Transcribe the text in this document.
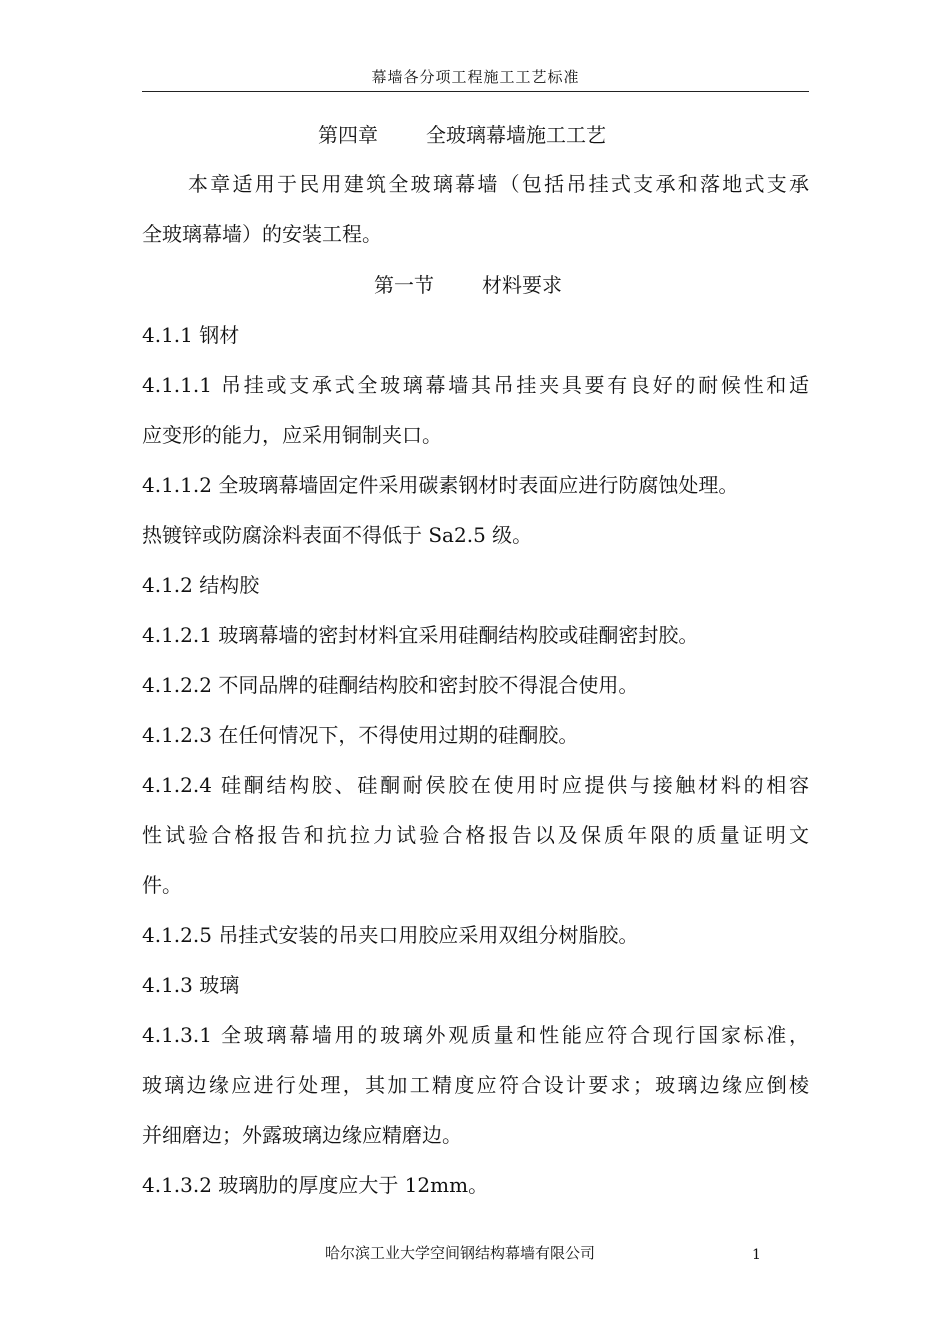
幕墙各分项工程施工工艺标准
第四章 全玻璃幕墙施工工艺
本章适用于民用建筑全玻璃幕墙（包括吊挂式支承和落地式支承
全玻璃幕墙）的安装工程。
第一节 材料要求
4.1.1 钢材
4.1.1.1 吊挂或支承式全玻璃幕墙其吊挂夹具要有良好的耐候性和适
应变形的能力，应采用铜制夹口。
4.1.1.2 全玻璃幕墙固定件采用碳素钢材时表面应进行防腐蚀处理。
热镀锌或防腐涂料表面不得低于 Sa2.5 级。
4.1.2 结构胶
4.1.2.1 玻璃幕墙的密封材料宜采用硅酮结构胶或硅酮密封胶。
4.1.2.2 不同品牌的硅酮结构胶和密封胶不得混合使用。
4.1.2.3 在任何情况下，不得使用过期的硅酮胶。
4.1.2.4 硅酮结构胶、硅酮耐侯胶在使用时应提供与接触材料的相容
性试验合格报告和抗拉力试验合格报告以及保质年限的质量证明文
件。
4.1.2.5 吊挂式安装的吊夹口用胶应采用双组分树脂胶。
4.1.3 玻璃
4.1.3.1 全玻璃幕墙用的玻璃外观质量和性能应符合现行国家标准，
玻璃边缘应进行处理，其加工精度应符合设计要求；玻璃边缘应倒棱
并细磨边；外露玻璃边缘应精磨边。
4.1.3.2 玻璃肋的厚度应大于 12mm。
哈尔滨工业大学空间钢结构幕墙有限公司	1
